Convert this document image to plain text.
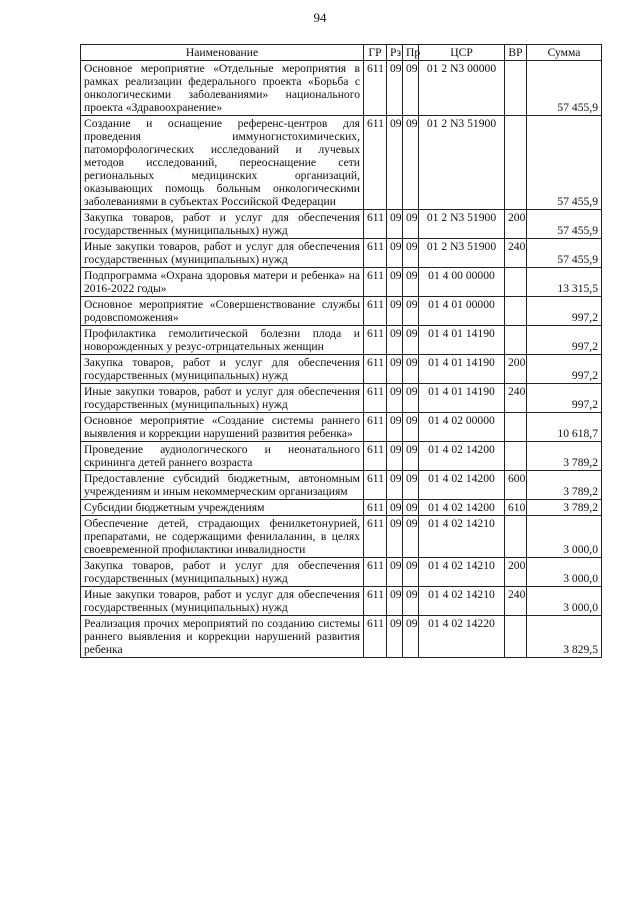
94
Наименование	ГР	Рз	Пр	ЦСР	ВР	Сумма
Основное мероприятие «Отдельные мероприятия в рамках реализации федерального проекта «Борьба с онкологическими заболеваниями» национального проекта «Здравоохранение»	611	09	09	01 2 N3 00000		57 455,9
Создание и оснащение референс-центров для проведения иммуногистохимических, патоморфологических исследований и лучевых методов исследований, переоснащение сети региональных медицинских организаций, оказывающих помощь больным онкологическими заболеваниями в субъектах Российской Федерации	611	09	09	01 2 N3 51900		57 455,9
Закупка товаров, работ и услуг для обеспечения государственных (муниципальных) нужд	611	09	09	01 2 N3 51900	200	57 455,9
Иные закупки товаров, работ и услуг для обеспечения государственных (муниципальных) нужд	611	09	09	01 2 N3 51900	240	57 455,9
Подпрограмма «Охрана здоровья матери и ребенка» на 2016-2022 годы»	611	09	09	01 4 00 00000		13 315,5
Основное мероприятие «Совершенствование службы родовспоможения»	611	09	09	01 4 01 00000		997,2
Профилактика гемолитической болезни плода и новорожденных у резус-отрицательных женщин	611	09	09	01 4 01 14190		997,2
Закупка товаров, работ и услуг для обеспечения государственных (муниципальных) нужд	611	09	09	01 4 01 14190	200	997,2
Иные закупки товаров, работ и услуг для обеспечения государственных (муниципальных) нужд	611	09	09	01 4 01 14190	240	997,2
Основное мероприятие «Создание системы раннего выявления и коррекции нарушений развития ребенка»	611	09	09	01 4 02 00000		10 618,7
Проведение аудиологического и неонатального скрининга детей раннего возраста	611	09	09	01 4 02 14200		3 789,2
Предоставление субсидий бюджетным, автономным учреждениям и иным некоммерческим организациям	611	09	09	01 4 02 14200	600	3 789,2
Субсидии бюджетным учреждениям	611	09	09	01 4 02 14200	610	3 789,2
Обеспечение детей, страдающих фенилкетонурией, препаратами, не содержащими фенилаланин, в целях своевременной профилактики инвалидности	611	09	09	01 4 02 14210		3 000,0
Закупка товаров, работ и услуг для обеспечения государственных (муниципальных) нужд	611	09	09	01 4 02 14210	200	3 000,0
Иные закупки товаров, работ и услуг для обеспечения государственных (муниципальных) нужд	611	09	09	01 4 02 14210	240	3 000,0
Реализация прочих мероприятий по созданию системы раннего выявления и коррекции нарушений развития ребенка	611	09	09	01 4 02 14220		3 829,5
